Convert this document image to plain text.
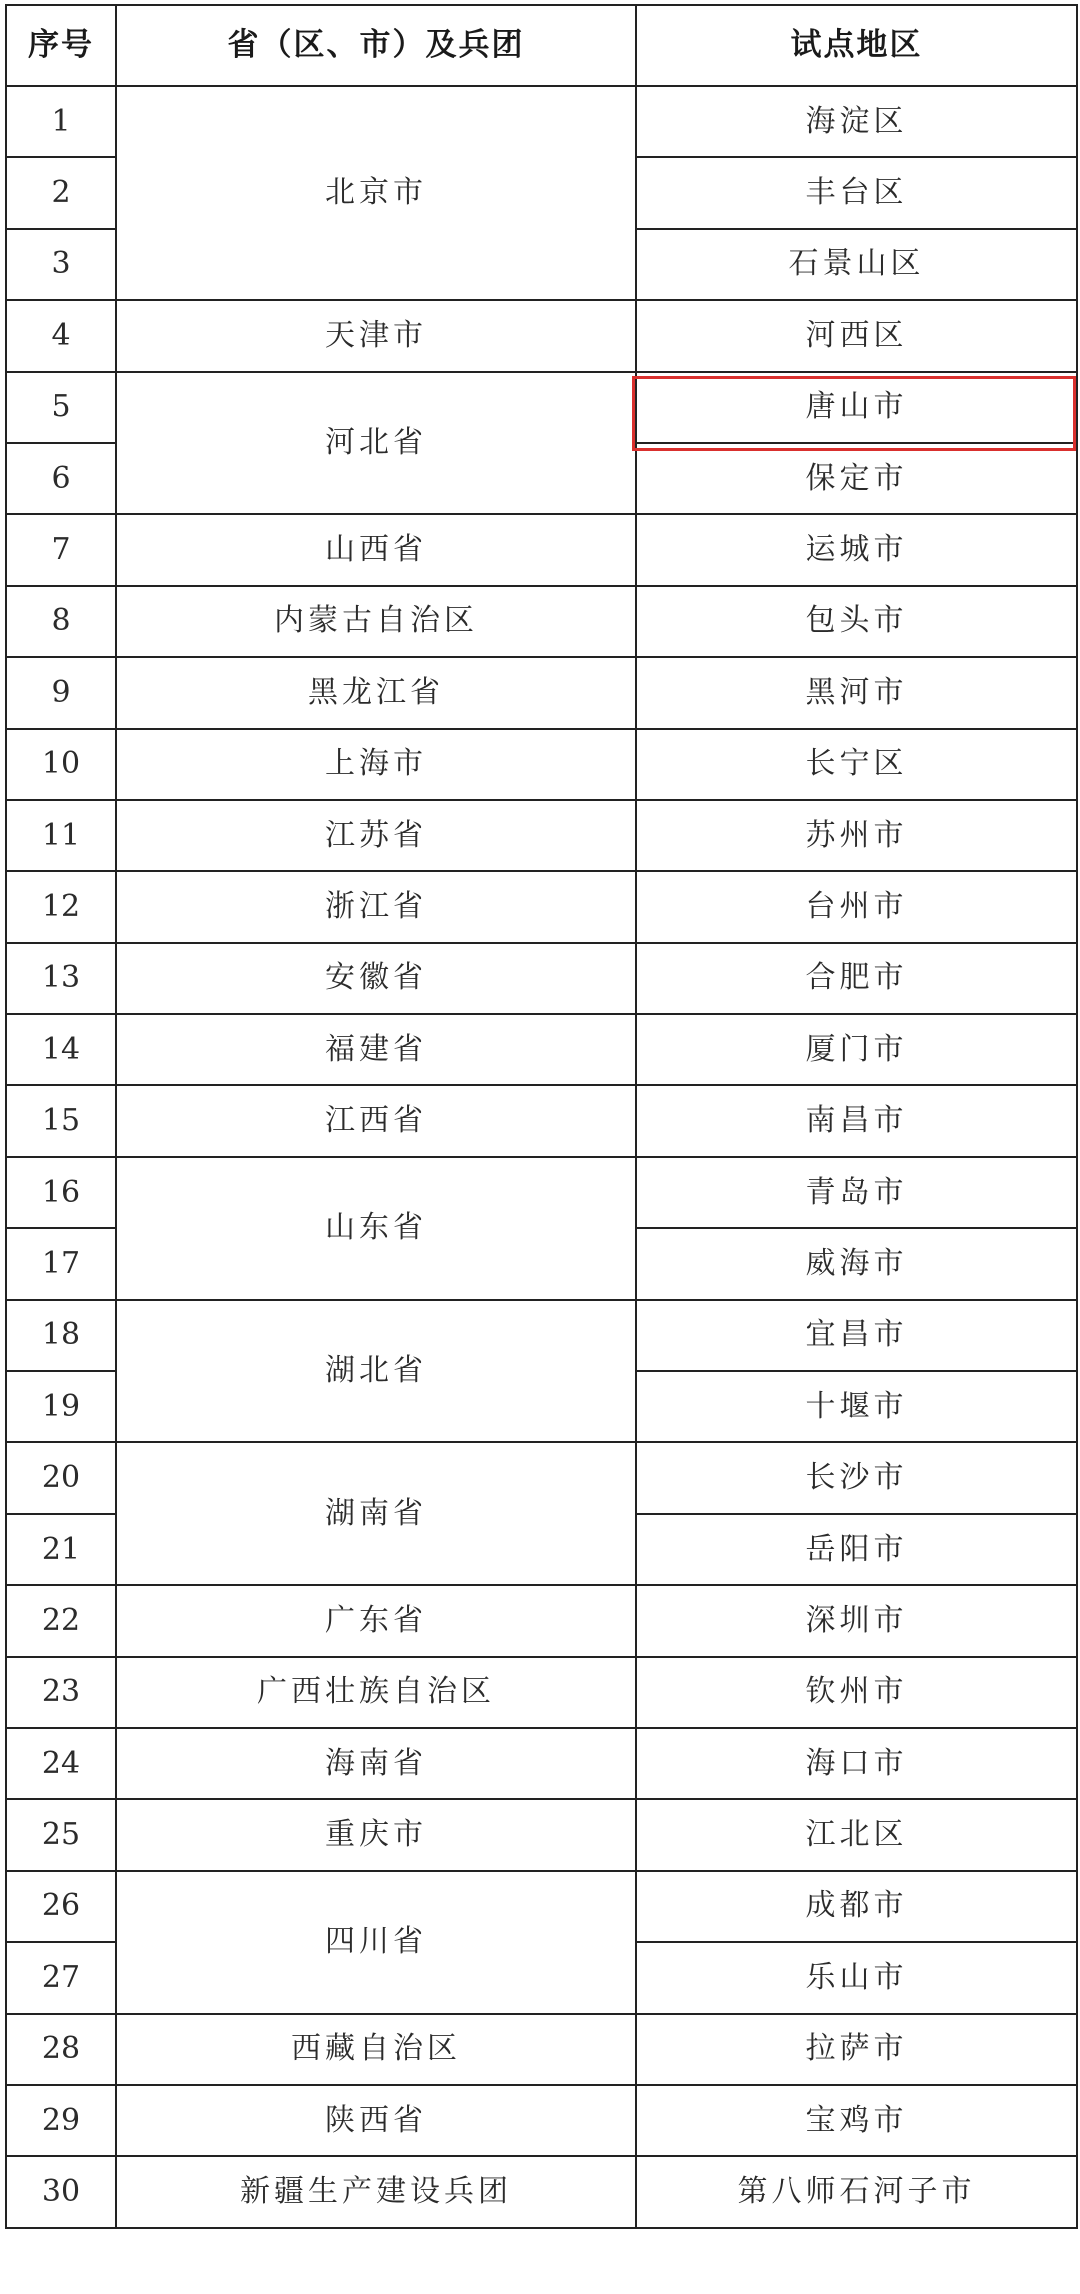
序号	省（区、市）及兵团	试点地区
1	北京市	海淀区
2		丰台区
3		石景山区
4	天津市	河西区
5	河北省	唐山市
6		保定市
7	山西省	运城市
8	内蒙古自治区	包头市
9	黑龙江省	黑河市
10	上海市	长宁区
11	江苏省	苏州市
12	浙江省	台州市
13	安徽省	合肥市
14	福建省	厦门市
15	江西省	南昌市
16	山东省	青岛市
17		威海市
18	湖北省	宜昌市
19		十堰市
20	湖南省	长沙市
21		岳阳市
22	广东省	深圳市
23	广西壮族自治区	钦州市
24	海南省	海口市
25	重庆市	江北区
26	四川省	成都市
27		乐山市
28	西藏自治区	拉萨市
29	陕西省	宝鸡市
30	新疆生产建设兵团	第八师石河子市
